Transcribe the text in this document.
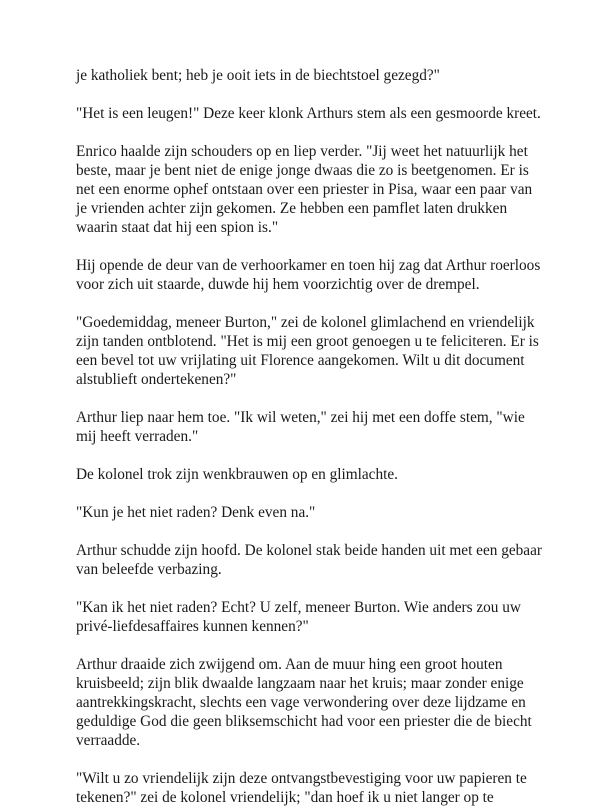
je katholiek bent; heb je ooit iets in de biechtstoel gezegd?"

"Het is een leugen!" Deze keer klonk Arthurs stem als een gesmoorde kreet.

Enrico haalde zijn schouders op en liep verder. "Jij weet het natuurlijk het
beste, maar je bent niet de enige jonge dwaas die zo is beetgenomen. Er is
net een enorme ophef ontstaan over een priester in Pisa, waar een paar van
je vrienden achter zijn gekomen. Ze hebben een pamflet laten drukken
waarin staat dat hij een spion is."

Hij opende de deur van de verhoorkamer en toen hij zag dat Arthur roerloos
voor zich uit staarde, duwde hij hem voorzichtig over de drempel.

"Goedemiddag, meneer Burton," zei de kolonel glimlachend en vriendelijk
zijn tanden ontblotend. "Het is mij een groot genoegen u te feliciteren. Er is
een bevel tot uw vrijlating uit Florence aangekomen. Wilt u dit document
alstublieft ondertekenen?"

Arthur liep naar hem toe. "Ik wil weten," zei hij met een doffe stem, "wie
mij heeft verraden."

De kolonel trok zijn wenkbrauwen op en glimlachte.

"Kun je het niet raden? Denk even na."

Arthur schudde zijn hoofd. De kolonel stak beide handen uit met een gebaar
van beleefde verbazing.

"Kan ik het niet raden? Echt? U zelf, meneer Burton. Wie anders zou uw
privé-liefdesaffaires kunnen kennen?"

Arthur draaide zich zwijgend om. Aan de muur hing een groot houten
kruisbeeld; zijn blik dwaalde langzaam naar het kruis; maar zonder enige
aantrekkingskracht, slechts een vage verwondering over deze lijdzame en
geduldige God die geen bliksemschicht had voor een priester die de biecht
verraadde.

"Wilt u zo vriendelijk zijn deze ontvangstbevestiging voor uw papieren te
tekenen?" zei de kolonel vriendelijk; "dan hoef ik u niet langer op te
